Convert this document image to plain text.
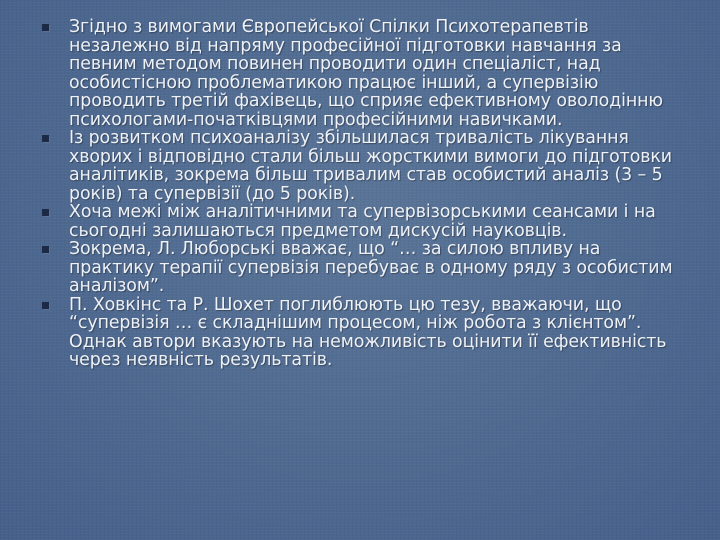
Згідно з вимогами Європейської Спілки Психотерапевтів незалежно від напряму професійної підготовки навчання за певним методом повинен проводити один спеціаліст, над особистісною проблематикою працює інший, а супервізію проводить третій фахівець, що сприяє ефективному оволодінню психологами-початківцями професійними навичками.
Із розвитком психоаналізу збільшилася тривалість лікування хворих і відповідно стали більш жорсткими вимоги до підготовки аналітиків, зокрема більш тривалим став особистий аналіз (3 – 5 років) та супервізії (до 5 років).
Хоча межі між аналітичними та супервізорськими сеансами і на сьогодні залишаються предметом дискусій науковців.
Зокрема, Л. Люборські вважає, що “… за силою впливу на практику терапії супервізія перебуває в одному ряду з особистим аналізом”.
П. Ховкінс та Р. Шохет поглиблюють цю тезу, вважаючи, що “супервізія … є складнішим процесом, ніж робота з клієнтом”. Однак автори вказують на неможливість оцінити її ефективність через неявність результатів.
